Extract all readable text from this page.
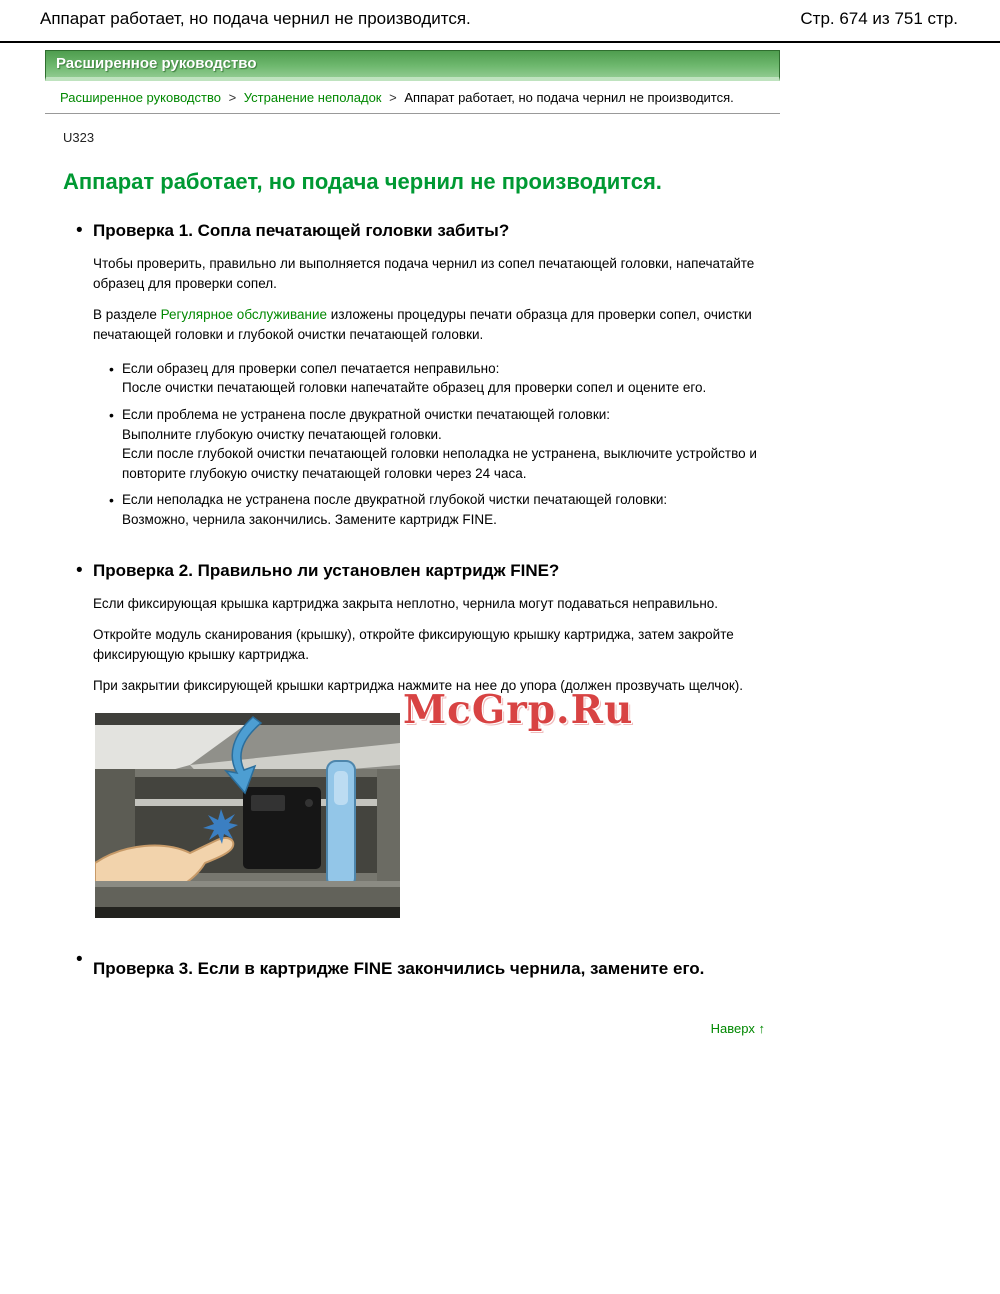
Аппарат работает, но подача чернил не производится.	Стр. 674 из 751 стр.
Расширенное руководство
Расширенное руководство > Устранение неполадок > Аппарат работает, но подача чернил не производится.
U323
Аппарат работает, но подача чернил не производится.
• Проверка 1. Сопла печатающей головки забиты?

Чтобы проверить, правильно ли выполняется подача чернил из сопел печатающей головки, напечатайте образец для проверки сопел.

В разделе Регулярное обслуживание изложены процедуры печати образца для проверки сопел, очистки печатающей головки и глубокой очистки печатающей головки.

• Если образец для проверки сопел печатается неправильно:
После очистки печатающей головки напечатайте образец для проверки сопел и оцените его.
• Если проблема не устранена после двукратной очистки печатающей головки:
Выполните глубокую очистку печатающей головки.
Если после глубокой очистки печатающей головки неполадка не устранена, выключите устройство и повторите глубокую очистку печатающей головки через 24 часа.
• Если неполадка не устранена после двукратной глубокой чистки печатающей головки:
Возможно, чернила закончились. Замените картридж FINE.
• Проверка 2. Правильно ли установлен картридж FINE?

Если фиксирующая крышка картриджа закрыта неплотно, чернила могут подаваться неправильно.

Откройте модуль сканирования (крышку), откройте фиксирующую крышку картриджа, затем закройте фиксирующую крышку картриджа.

При закрытии фиксирующей крышки картриджа нажмите на нее до упора (должен прозвучать щелчок).

McGrp.Ru
• Проверка 3. Если в картридже FINE закончились чернила, замените его.
Наверх ↑
